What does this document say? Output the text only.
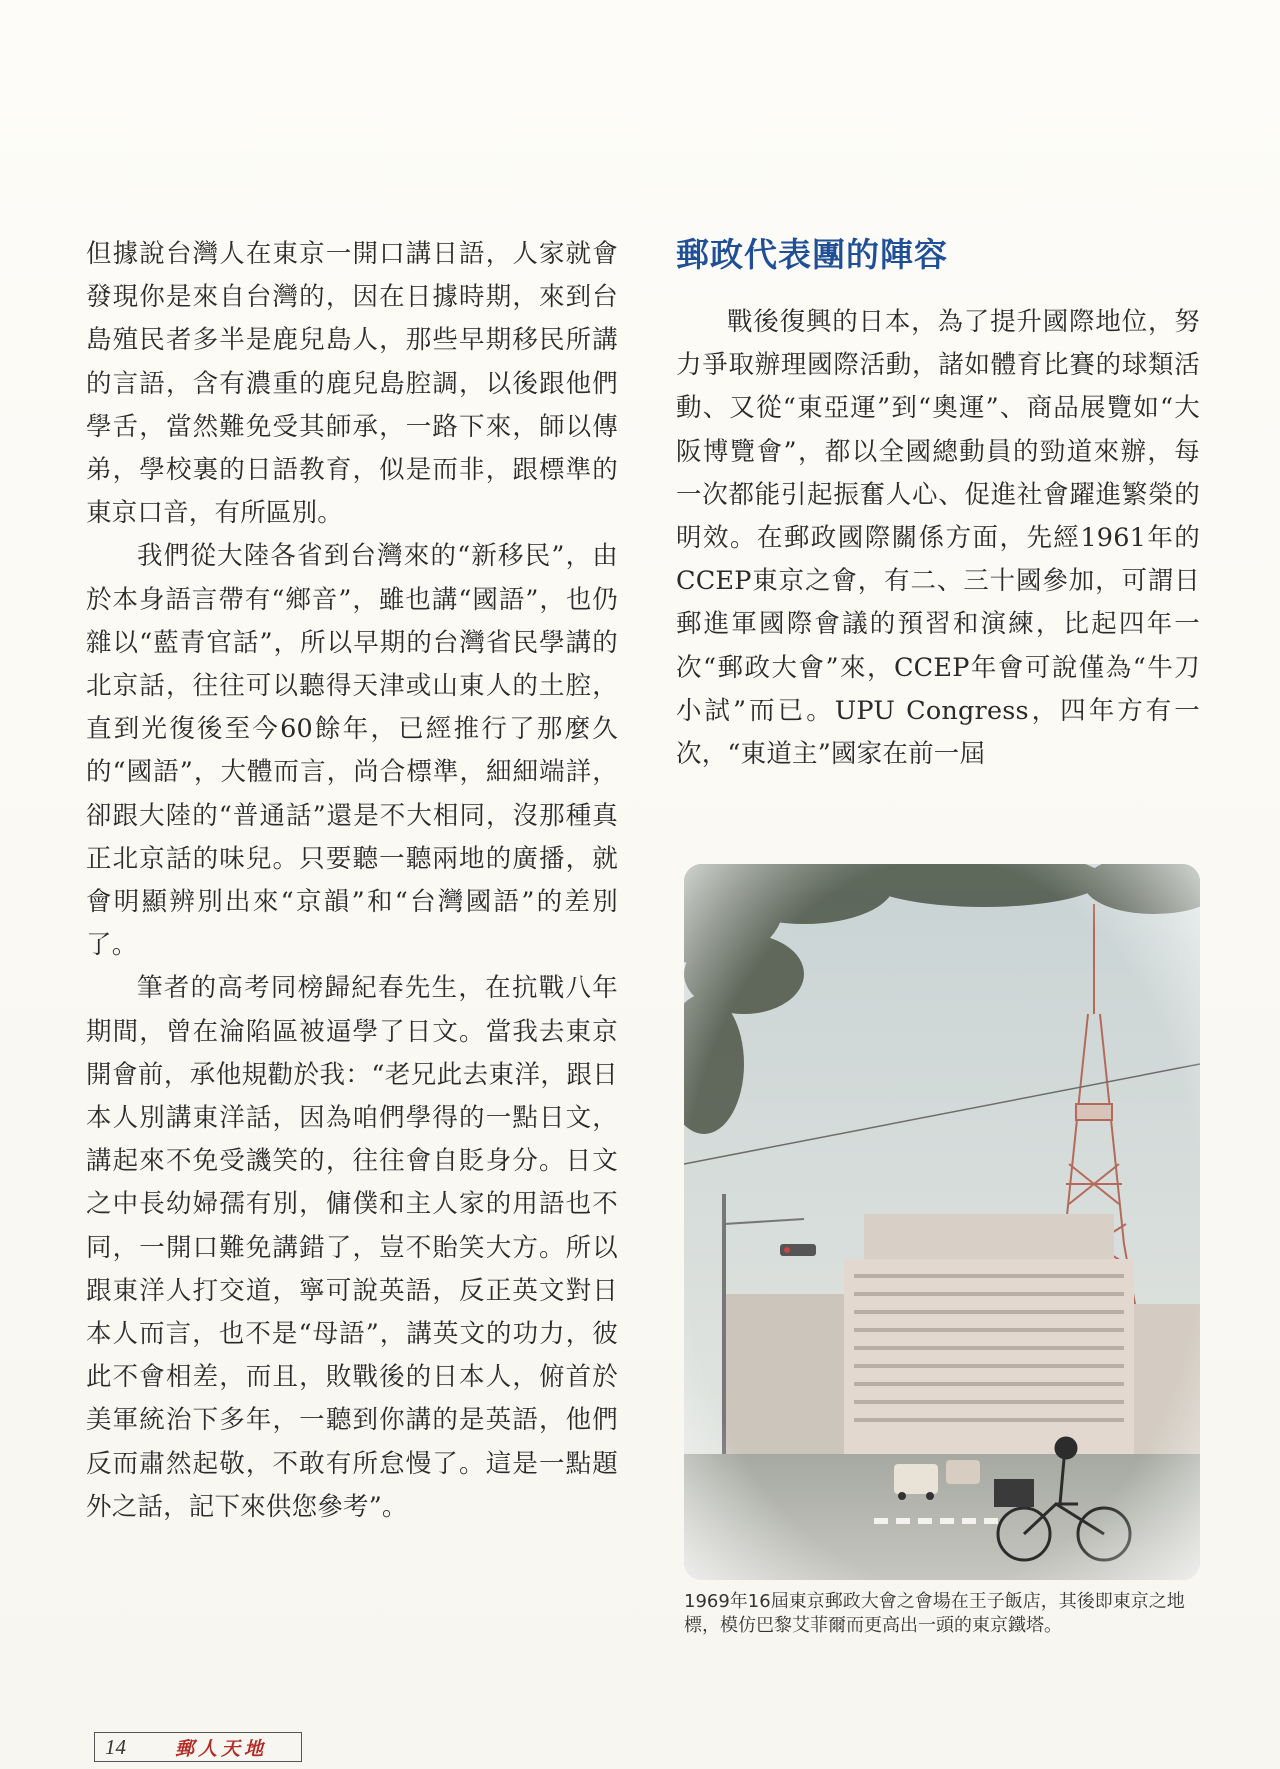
但據說台灣人在東京一開口講日語，人家就會發現你是來自台灣的，因在日據時期，來到台島殖民者多半是鹿兒島人，那些早期移民所講的言語，含有濃重的鹿兒島腔調，以後跟他們學舌，當然難免受其師承，一路下來，師以傳弟，學校裏的日語教育，似是而非，跟標準的東京口音，有所區別。

我們從大陸各省到台灣來的“新移民”，由於本身語言帶有“鄉音”，雖也講“國語”，也仍雜以“藍青官話”，所以早期的台灣省民學講的北京話，往往可以聽得天津或山東人的土腔，直到光復後至今60餘年，已經推行了那麼久的“國語”，大體而言，尚合標準，細細端詳，卻跟大陸的“普通話”還是不大相同，沒那種真正北京話的味兒。只要聽一聽兩地的廣播，就會明顯辨別出來“京韻”和“台灣國語”的差別了。

筆者的高考同榜歸紀春先生，在抗戰八年期間，曾在淪陷區被逼學了日文。當我去東京開會前，承他規勸於我：“老兄此去東洋，跟日本人別講東洋話，因為咱們學得的一點日文，講起來不免受譏笑的，往往會自貶身分。日文之中長幼婦孺有別，傭僕和主人家的用語也不同，一開口難免講錯了，豈不貽笑大方。所以跟東洋人打交道，寧可說英語，反正英文對日本人而言，也不是“母語”，講英文的功力，彼此不會相差，而且，敗戰後的日本人，俯首於美軍統治下多年，一聽到你講的是英語，他們反而肅然起敬，不敢有所怠慢了。這是一點題外之話，記下來供您參考”。

郵政代表團的陣容

戰後復興的日本，為了提升國際地位，努力爭取辦理國際活動，諸如體育比賽的球類活動、又從“東亞運”到“奧運”、商品展覽如“大阪博覽會”，都以全國總動員的勁道來辦，每一次都能引起振奮人心、促進社會躍進繁榮的明效。在郵政國際關係方面，先經1961年的CCEP東京之會，有二、三十國參加，可謂日郵進軍國際會議的預習和演練，比起四年一次“郵政大會”來，CCEP年會可說僅為“牛刀小試”而已。UPU Congress，四年方有一次，“東道主”國家在前一屆

1969年16屆東京郵政大會之會場在王子飯店，其後即東京之地標，模仿巴黎艾菲爾而更高出一頭的東京鐵塔。
14	郵人天地
